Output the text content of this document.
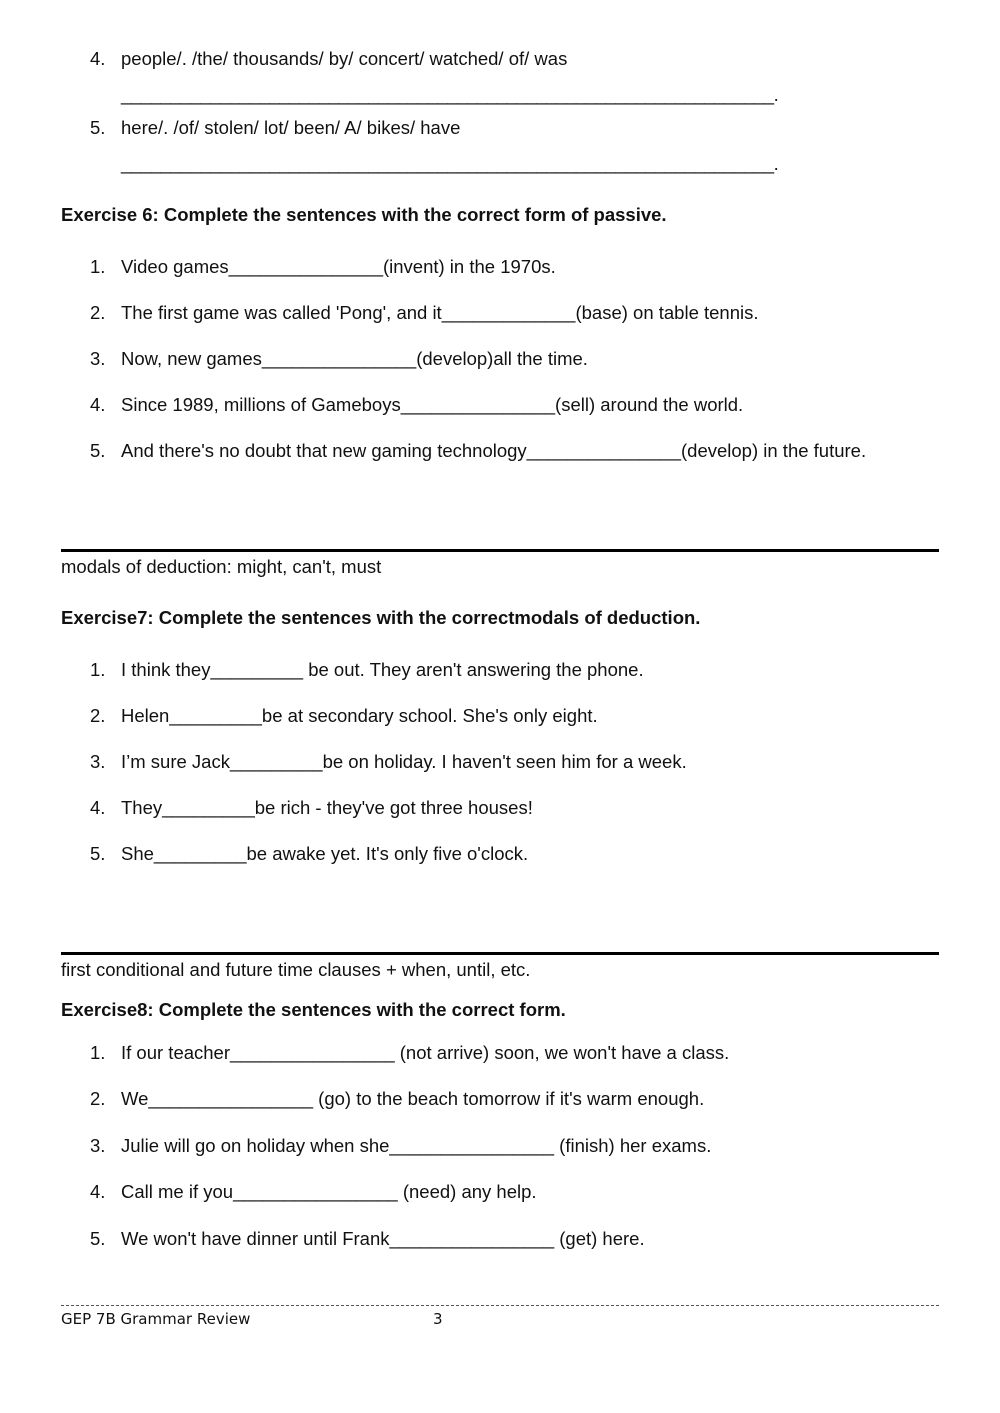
4. people/. /the/ thousands/ by/ concert/ watched/ of/ was
__________________________________________________________________.
5. here/. /of/ stolen/ lot/ been/ A/ bikes/ have
__________________________________________________________________.
Exercise 6: Complete the sentences with the correct form of passive.
1. Video games_______________(invent) in the 1970s.
2. The first game was called 'Pong', and it_____________(base) on table tennis.
3. Now, new games_______________(develop)all the time.
4. Since 1989, millions of Gameboys_______________(sell) around the world.
5. And there's no doubt that new gaming technology_______________(develop) in the future.
modals of deduction: might, can't, must
Exercise7: Complete the sentences with the correctmodals of deduction.
1. I think they_________ be out. They aren't answering the phone.
2. Helen_________be at secondary school. She's only eight.
3. I’m sure Jack_________be on holiday. I haven't seen him for a week.
4. They_________be rich - they've got three houses!
5. She_________be awake yet. It's only five o'clock.
first conditional and future time clauses + when, until, etc.
Exercise8: Complete the sentences with the correct form.
1. If our teacher________________ (not arrive) soon, we won't have a class.
2. We________________ (go) to the beach tomorrow if it's warm enough.
3. Julie will go on holiday when she________________ (finish) her exams.
4. Call me if you________________ (need) any help.
5. We won't have dinner until Frank________________ (get) here.
GEP 7B Grammar Review	3
